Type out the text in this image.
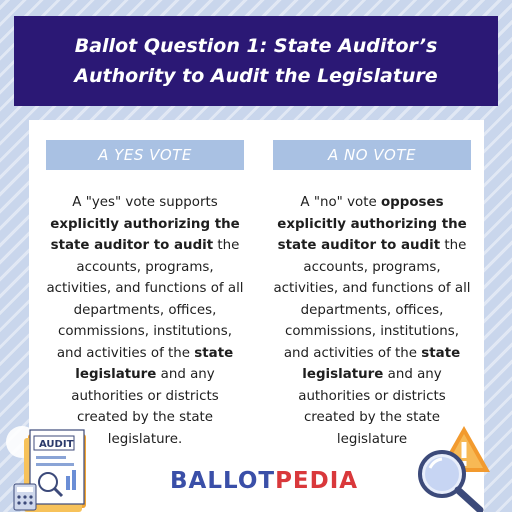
Ballot Question 1: State Auditor’s Authority to Audit the Legislature
A YES VOTE
A "yes" vote supports explicitly authorizing the state auditor to audit the accounts, programs, activities, and functions of all departments, offices, commissions, institutions, and activities of the state legislature and any authorities or districts created by the state legislature.
A NO VOTE
A "no" vote opposes explicitly authorizing the state auditor to audit the accounts, programs, activities, and functions of all departments, offices, commissions, institutions, and activities of the state legislature and any authorities or districts created by the state legislature
AUDIT
BALLOTPEDIA
